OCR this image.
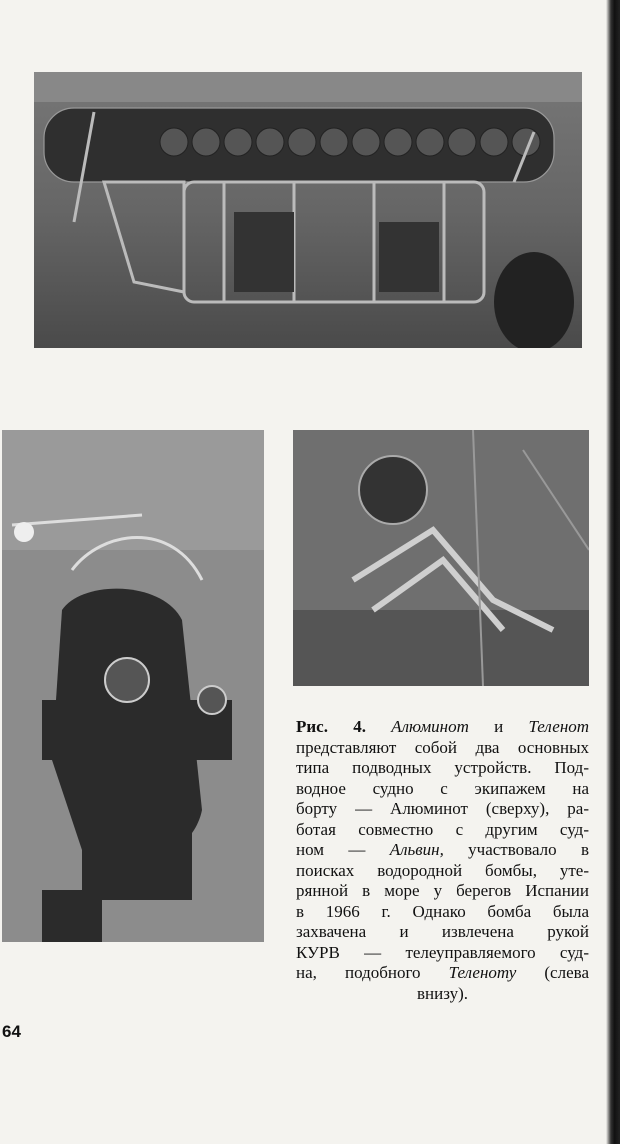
Рис. 4. Алюминот и Теленот
представляют собой два основных
типа подводных устройств. Под-
водное судно с экипажем на
борту — Алюминот (сверху), ра-
ботая совместно с другим суд-
ном — Альвин, участвовало в
поисках водородной бомбы, уте-
рянной в море у берегов Испании
в 1966 г. Однако бомба была
захвачена и извлечена рукой
КУРВ — телеуправляемого суд-
на, подобного Теленоту (слева
внизу).
64
